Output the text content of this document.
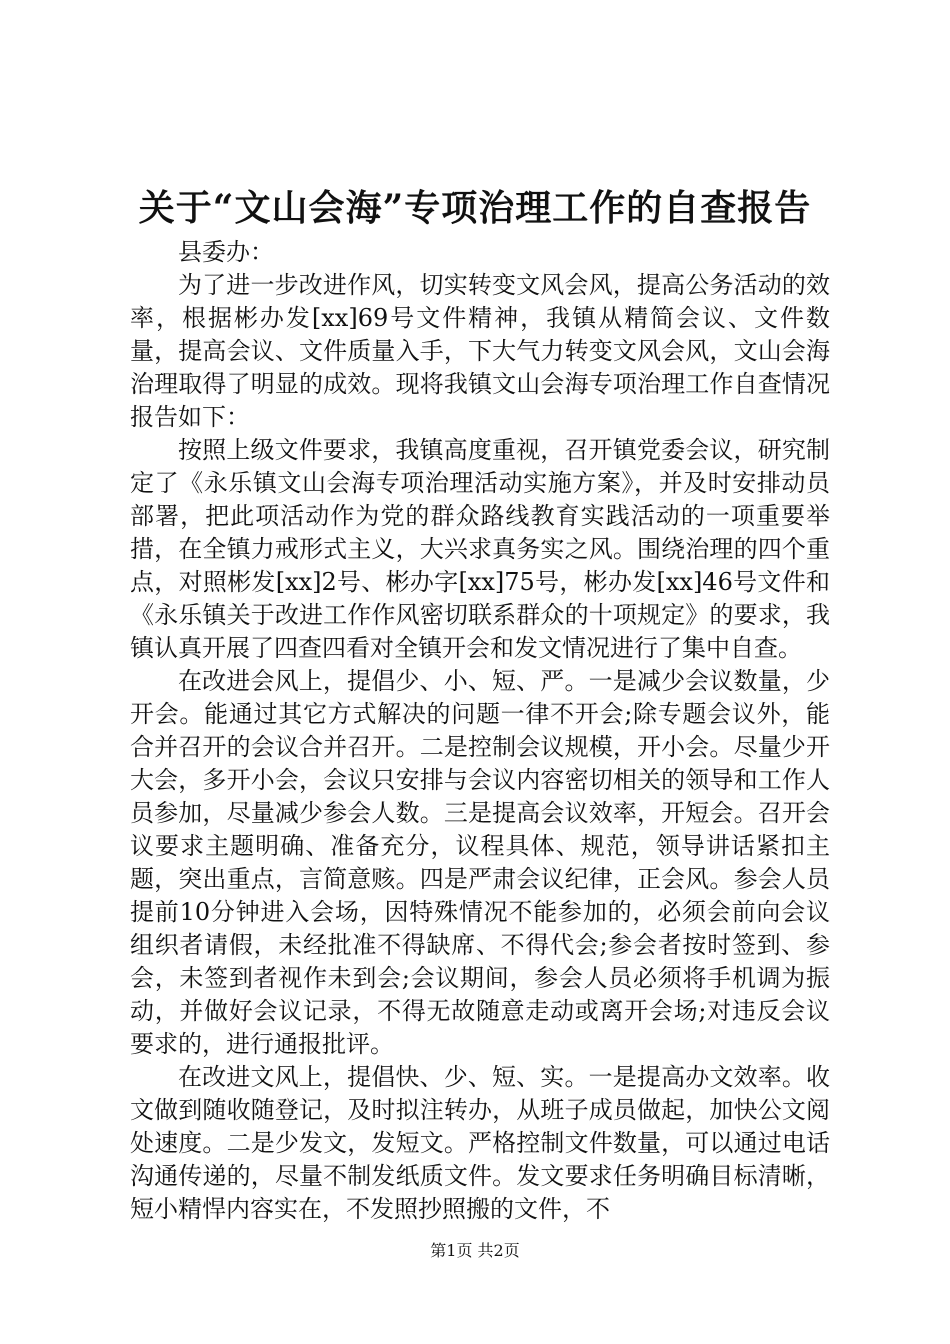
关于“文山会海”专项治理工作的自查报告

县委办：

为了进一步改进作风，切实转变文风会风，提高公务活动的效率，根据彬办发[xx]69号文件精神，我镇从精简会议、文件数量，提高会议、文件质量入手，下大气力转变文风会风，文山会海治理取得了明显的成效。现将我镇文山会海专项治理工作自查情况报告如下：

按照上级文件要求，我镇高度重视，召开镇党委会议，研究制定了《永乐镇文山会海专项治理活动实施方案》，并及时安排动员部署，把此项活动作为党的群众路线教育实践活动的一项重要举措，在全镇力戒形式主义，大兴求真务实之风。围绕治理的四个重点，对照彬发[xx]2号、彬办字[xx]75号，彬办发[xx]46号文件和《永乐镇关于改进工作作风密切联系群众的十项规定》的要求，我镇认真开展了四查四看对全镇开会和发文情况进行了集中自查。

在改进会风上，提倡少、小、短、严。一是减少会议数量，少开会。能通过其它方式解决的问题一律不开会;除专题会议外，能合并召开的会议合并召开。二是控制会议规模，开小会。尽量少开大会，多开小会，会议只安排与会议内容密切相关的领导和工作人员参加，尽量减少参会人数。三是提高会议效率，开短会。召开会议要求主题明确、准备充分，议程具体、规范，领导讲话紧扣主题，突出重点，言简意赅。四是严肃会议纪律，正会风。参会人员提前10分钟进入会场，因特殊情况不能参加的，必须会前向会议组织者请假，未经批准不得缺席、不得代会;参会者按时签到、参会，未签到者视作未到会;会议期间，参会人员必须将手机调为振动，并做好会议记录，不得无故随意走动或离开会场;对违反会议要求的，进行通报批评。

在改进文风上，提倡快、少、短、实。一是提高办文效率。收文做到随收随登记，及时拟注转办，从班子成员做起，加快公文阅处速度。二是少发文，发短文。严格控制文件数量，可以通过电话沟通传递的，尽量不制发纸质文件。发文要求任务明确目标清晰，短小精悍内容实在，不发照抄照搬的文件，不

第1页 共2页
